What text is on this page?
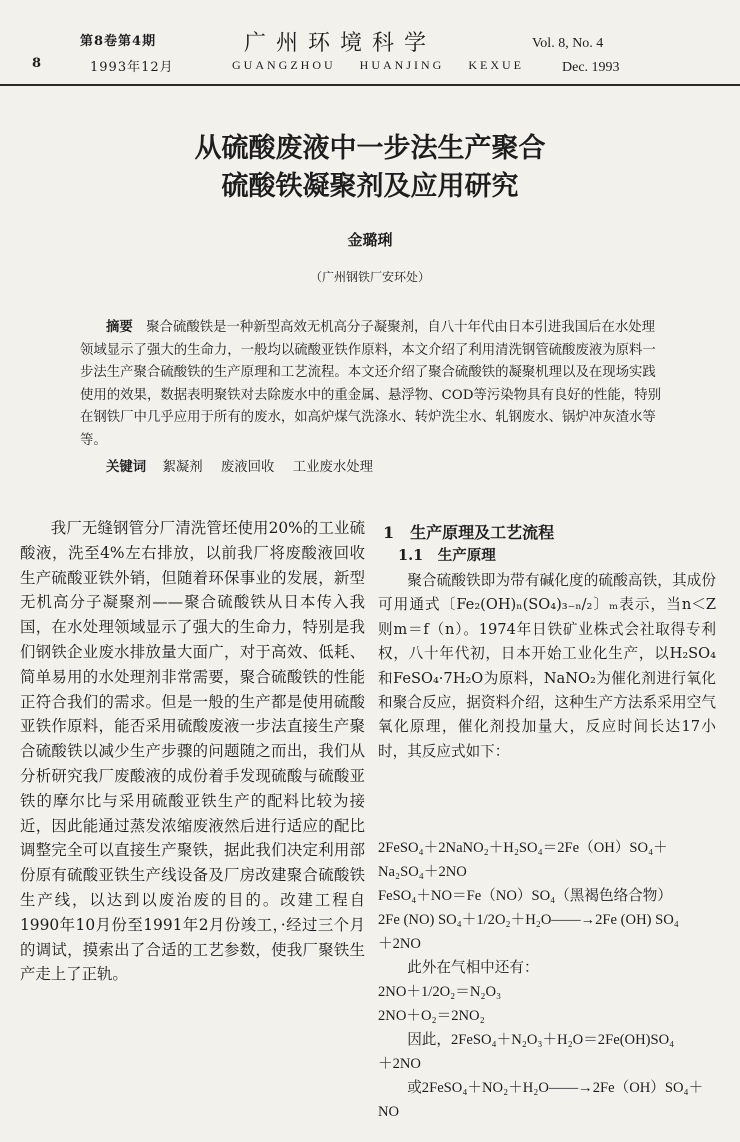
第8卷第4期
8	1993年12月
广州环境科学
GUANGZHOU    HUANJING    KEXUE
Vol. 8, No. 4
Dec. 1993
从硫酸废液中一步法生产聚合
硫酸铁凝聚剂及应用研究
金璐琍
（广州钢铁厂安环处）
摘要　 聚合硫酸铁是一种新型高效无机高分子凝聚剂，自八十年代由日本引进我国后在水处理领域显示了强大的生命力，一般均以硫酸亚铁作原料，本文介绍了利用清洗钢管硫酸废液为原料一步法生产聚合硫酸铁的生产原理和工艺流程。本文还介绍了聚合硫酸铁的凝聚机理以及在现场实践使用的效果，数据表明聚铁对去除废水中的重金属、悬浮物、COD等污染物具有良好的性能，特别在钢铁厂中几乎应用于所有的废水，如高炉煤气洗涤水、转炉洗尘水、轧钢废水、锅炉冲灰渣水等等。
关键词 絮凝剂 废液回收 工业废水处理

我厂无缝钢管分厂清洗管坯使用20%的工业硫酸液，洗至4%左右排放，以前我厂将废酸液回收生产硫酸亚铁外销，但随着环保事业的发展，新型无机高分子凝聚剂——聚合硫酸铁从日本传入我国，在水处理领域显示了强大的生命力，特别是我们钢铁企业废水排放量大面广，对于高效、低耗、简单易用的水处理剂非常需要，聚合硫酸铁的性能正符合我们的需求。但是一般的生产都是使用硫酸亚铁作原料，能否采用硫酸废液一步法直接生产聚合硫酸铁以减少生产步骤的问题随之而出，我们从分析研究我厂废酸液的成份着手发现硫酸与硫酸亚铁的摩尔比与采用硫酸亚铁生产的配料比较为接近，因此能通过蒸发浓缩废液然后进行适应的配比调整完全可以直接生产聚铁，据此我们决定利用部份原有硫酸亚铁生产线设备及厂房改建聚合硫酸铁生产线，以达到以废治废的目的。改建工程自1990年10月份至1991年2月份竣工，·经过三个月的调试，摸索出了合适的工艺参数，使我厂聚铁生产走上了正轨。

1　生产原理及工艺流程
1.1　生产原理

聚合硫酸铁即为带有碱化度的硫酸高铁，其成份可用通式〔Fe₂(OH)ₙ(SO₄)₃₋ₙ/₂〕ₘ表示，当n＜Z则m＝f（n）。1974年日铁矿业株式会社取得专利权，八十年代初，日本开始工业化生产，以H₂SO₄和FeSO₄·7H₂O为原料，NaNO₂为催化剂进行氧化和聚合反应，据资料介绍，这种生产方法系采用空气氧化原理，催化剂投加量大，反应时间长达17小时，其反应式如下：

2FeSO₄＋2NaNO₂＋H₂SO₄＝2Fe（OH）SO₄＋
Na₂SO₄＋2NO
FeSO₄＋NO＝Fe（NO）SO₄（黑褐色络合物）
2Fe (NO) SO₄＋1/2O₂＋H₂O——→2Fe (OH) SO₄
＋2NO
此外在气相中还有：
2NO＋1/2O₂＝N₂O₃
2NO＋O₂＝2NO₂
因此，2FeSO₄＋N₂O₃＋H₂O＝2Fe(OH)SO₄
＋2NO
或2FeSO₄＋NO₂＋H₂O——→2Fe（OH）SO₄＋
NO
